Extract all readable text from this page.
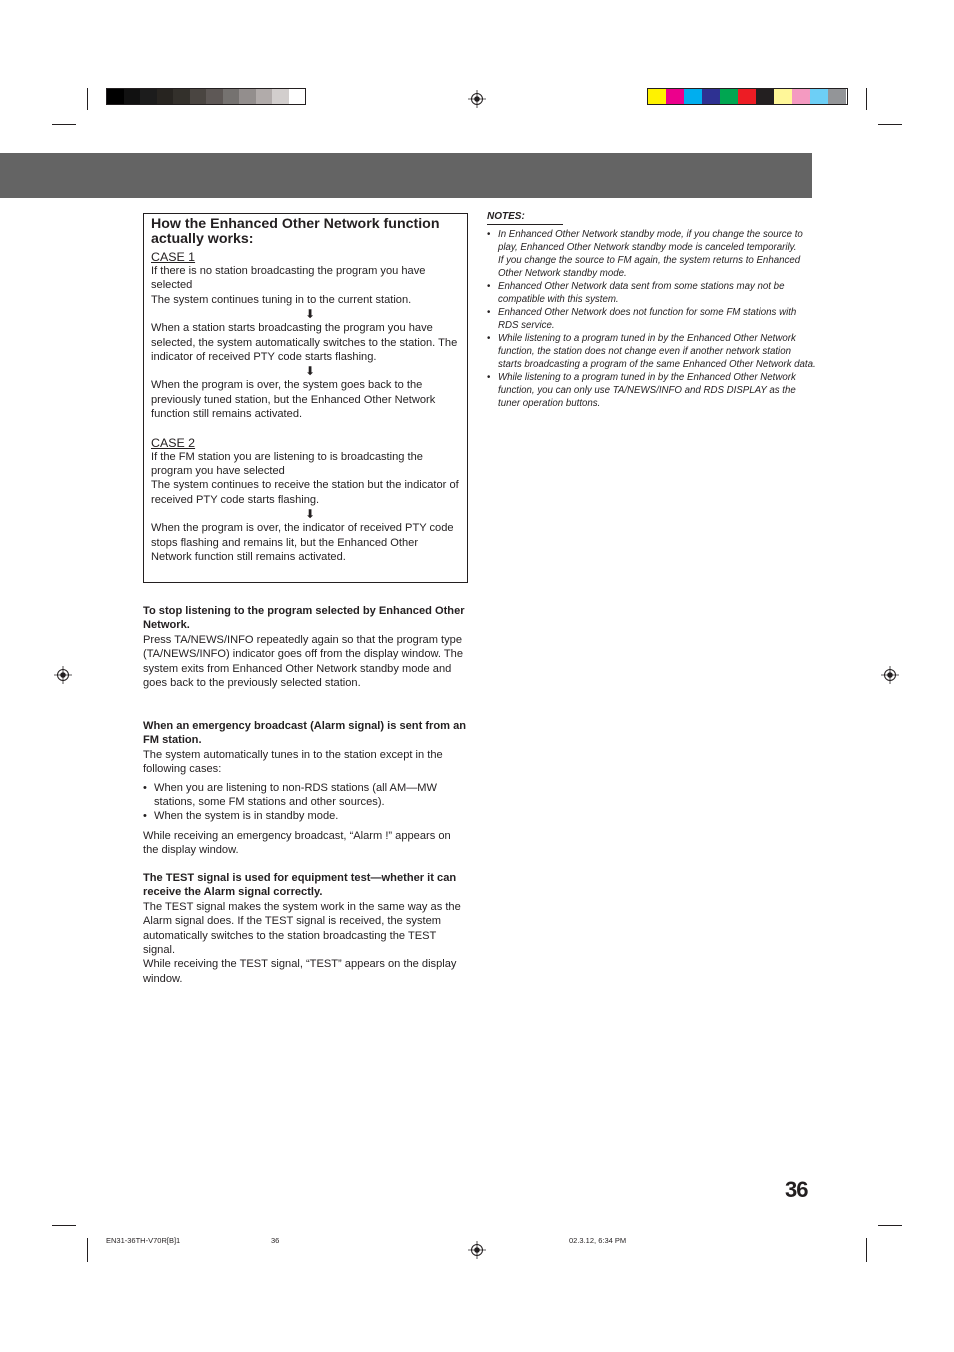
How the Enhanced Other Network function actually works:

CASE 1

If there is no station broadcasting the program you have selected

The system continues tuning in to the current station.

⬇

When a station starts broadcasting the program you have selected, the system automatically switches to the station. The indicator of received PTY code starts flashing.

⬇

When the program is over, the system goes back to the previously tuned station, but the Enhanced Other Network function still remains activated.

CASE 2

If the FM station you are listening to is broadcasting the program you have selected

The system continues to receive the station but the indicator of received PTY code starts flashing.

⬇

When the program is over, the indicator of received PTY code stops flashing and remains lit, but the Enhanced Other Network function still remains activated.

To stop listening to the program selected by Enhanced Other Network.

Press TA/NEWS/INFO repeatedly again so that the program type (TA/NEWS/INFO) indicator goes off from the display window. The system exits from Enhanced Other Network standby mode and goes back to the previously selected station.

When an emergency broadcast (Alarm signal) is sent from an FM station.

The system automatically tunes in to the station except in the following cases:

• When you are listening to non-RDS stations (all AM—MW stations, some FM stations and other sources).
• When the system is in standby mode.

While receiving an emergency broadcast, “Alarm !” appears on the display window.

The TEST signal is used for equipment test—whether it can receive the Alarm signal correctly.

The TEST signal makes the system work in the same way as the Alarm signal does. If the TEST signal is received, the system automatically switches to the station broadcasting the TEST signal.

While receiving the TEST signal, “TEST” appears on the display window.

NOTES:
• In Enhanced Other Network standby mode, if you change the source to play, Enhanced Other Network standby mode is canceled temporarily.
If you change the source to FM again, the system returns to Enhanced Other Network standby mode.
• Enhanced Other Network data sent from some stations may not be compatible with this system.
• Enhanced Other Network does not function for some FM stations with RDS service.
• While listening to a program tuned in by the Enhanced Other Network function, the station does not change even if another network station starts broadcasting a program of the same Enhanced Other Network data.
• While listening to a program tuned in by the Enhanced Other Network function, you can only use TA/NEWS/INFO and RDS DISPLAY as the tuner operation buttons.
36
EN31-36TH-V70R[B]1	36	02.3.12, 6:34 PM
